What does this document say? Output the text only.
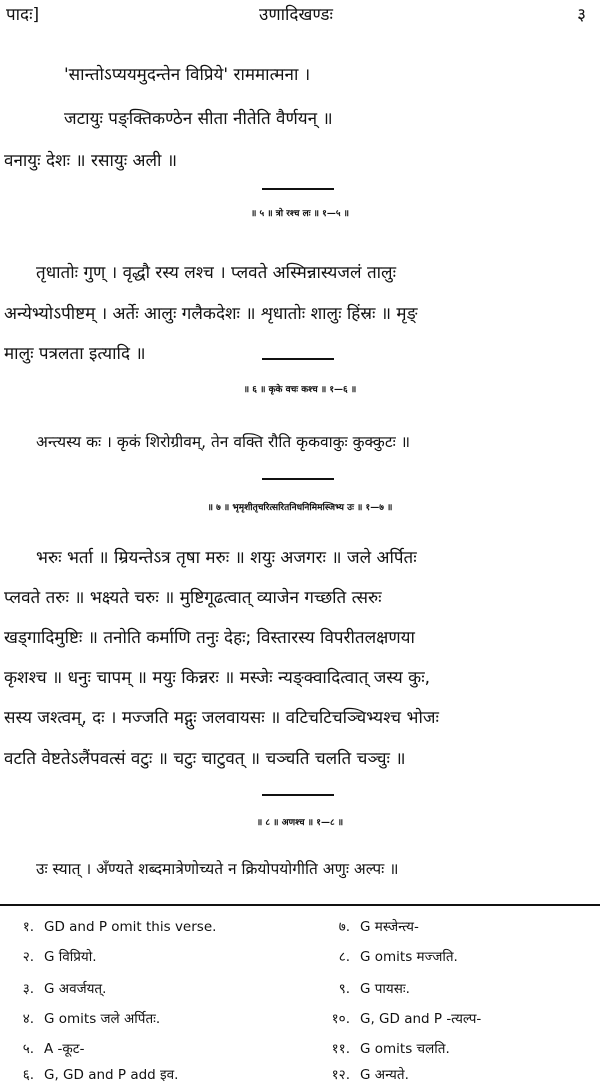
पादः]	उणादिखण्डः	३
'सान्तोऽप्ययमुदन्तेन विप्रिये' राममात्मना ।
जटायुः पङ्क्तिकण्ठेन सीता नीतेति वैर्णयन् ॥
वनायुः देशः ॥ रसायुः अली ॥
॥ ५ ॥ त्रो रश्च लः ॥ १—५ ॥
तृधातोः गुण् । वृद्धौ रस्य लश्च । प्लवते अस्मिन्नास्यजलं तालुः
अन्येभ्योऽपीष्टम् । अर्तेः आलुः गलैकदेशः ॥ शृधातोः शालुः हिंस्रः ॥ मृङ्
मालुः पत्रलता इत्यादि ॥
॥ ६ ॥ कृके वचः कश्च ॥ १—६ ॥
अन्त्यस्य कः । कृकं शिरोग्रीवम्, तेन वक्ति रौति कृकवाकुः कुक्कुटः ॥
॥ ७ ॥ भृमृशीतृचरित्सरितनिधनिमिमस्जिभ्य उः ॥ १—७ ॥
भरुः भर्ता ॥ म्रियन्तेऽत्र तृषा मरुः ॥ शयुः अजगरः ॥ जले अर्पितः
प्लवते तरुः ॥ भक्ष्यते चरुः ॥ मुष्टिगूढत्वात् व्याजेन गच्छति त्सरुः
खड्गादिमुष्टिः ॥ तनोति कर्माणि तनुः देहः; विस्तारस्य विपरीतलक्षणया
कृशश्च ॥ धनुः चापम् ॥ मयुः किन्नरः ॥ मस्जेः न्यङ्क्वादित्वात् जस्य कुः,
सस्य जश्त्वम्, दः । मज्जति मद्गुः जलवायसः ॥ वटिचटिचञ्चिभ्यश्च भोजः
वटति वेष्टतेऽलैंपवत्सं वटुः ॥ चटुः चाटुवत् ॥ चञ्चति चलति चञ्चुः ॥
॥ ८ ॥ अणश्च ॥ १—८ ॥
उः स्यात् । अँण्यते शब्दमात्रेणोच्यते न क्रियोपयोगीति अणुः अल्पः ॥
१. GD and P omit this verse.
२. G विप्रियो.
३. G अवर्जयत्.
४. G omits जले अर्पितः.
५. A -कूट-
६. G, GD and P add इव.
७. G मस्जेन्त्य-
८. G omits मज्जति.
९. G पायसः.
१०. G, GD and P -त्यल्प-
११. G omits चलति.
१२. G अन्यते.
